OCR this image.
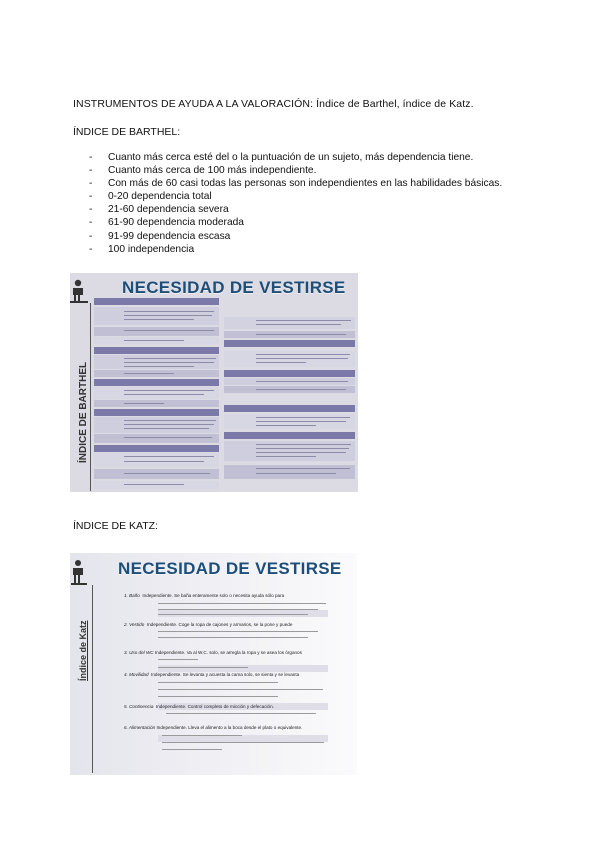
INSTRUMENTOS DE AYUDA A LA VALORACIÓN: Índice de Barthel, índice de Katz.
ÍNDICE DE BARTHEL:
- Cuanto más cerca esté del o la puntuación de un sujeto, más dependencia tiene.
- Cuanto más cerca de 100 más independiente.
- Con más de 60 casi todas las personas son independientes en las habilidades básicas.
- 0-20 dependencia total
- 21-60 dependencia severa
- 61-90 dependencia moderada
- 91-99 dependencia escasa
- 100 independencia
NECESIDAD DE VESTIRSE
ÍNDICE DE BARTHEL
ÍNDICE DE KATZ:
NECESIDAD DE VESTIRSE
Índice de Katz
1. Baño Independiente. Se baña enteramente solo o necesita ayuda sólo para
2. Vestido Independiente. Coge la ropa de cajones y armarios, se la pone y puede
3. Uso del WC Independiente. Va al W.C. solo, se arregla la ropa y se asea los órganos
4. Movilidad Independiente. Se levanta y acuesta la cama solo, se sienta y se levanta
5. Continencia Independiente. Control completo de micción y defecación.
6. Alimentación Independiente. Lleva el alimento a la boca desde el plato o equivalente.
